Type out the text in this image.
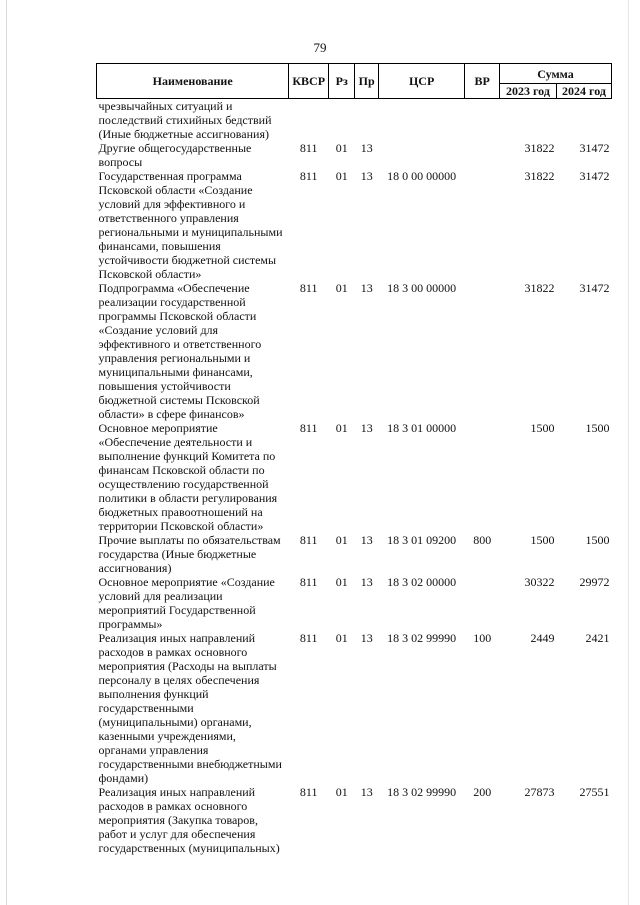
79
Наименование	КВСР	Рз	Пр	ЦСР	ВР	Сумма	
						2023 год	2024 год
чрезвычайных ситуаций и последствий стихийных бедствий (Иные бюджетные ассигнования)							
Другие общегосударственные вопросы	811	01	13			31822	31472
Государственная программа Псковской области «Создание условий для эффективного и ответственного управления региональными и муниципальными финансами, повышения устойчивости бюджетной системы Псковской области»	811	01	13	18 0 00 00000		31822	31472
Подпрограмма «Обеспечение реализации государственной программы Псковской области «Создание условий для эффективного и ответственного управления региональными и муниципальными финансами, повышения устойчивости бюджетной системы Псковской области» в сфере финансов»	811	01	13	18 3 00 00000		31822	31472
Основное мероприятие «Обеспечение деятельности и выполнение функций Комитета по финансам Псковской области по осуществлению государственной политики в области регулирования бюджетных правоотношений на территории Псковской области»	811	01	13	18 3 01 00000		1500	1500
Прочие выплаты по обязательствам государства (Иные бюджетные ассигнования)	811	01	13	18 3 01 09200	800	1500	1500
Основное мероприятие «Создание условий для реализации мероприятий Государственной программы»	811	01	13	18 3 02 00000		30322	29972
Реализация иных направлений расходов в рамках основного мероприятия (Расходы на выплаты персоналу в целях обеспечения выполнения функций государственными (муниципальными) органами, казенными учреждениями, органами управления государственными внебюджетными фондами)	811	01	13	18 3 02 99990	100	2449	2421
Реализация иных направлений расходов в рамках основного мероприятия (Закупка товаров, работ и услуг для обеспечения государственных (муниципальных)	811	01	13	18 3 02 99990	200	27873	27551
